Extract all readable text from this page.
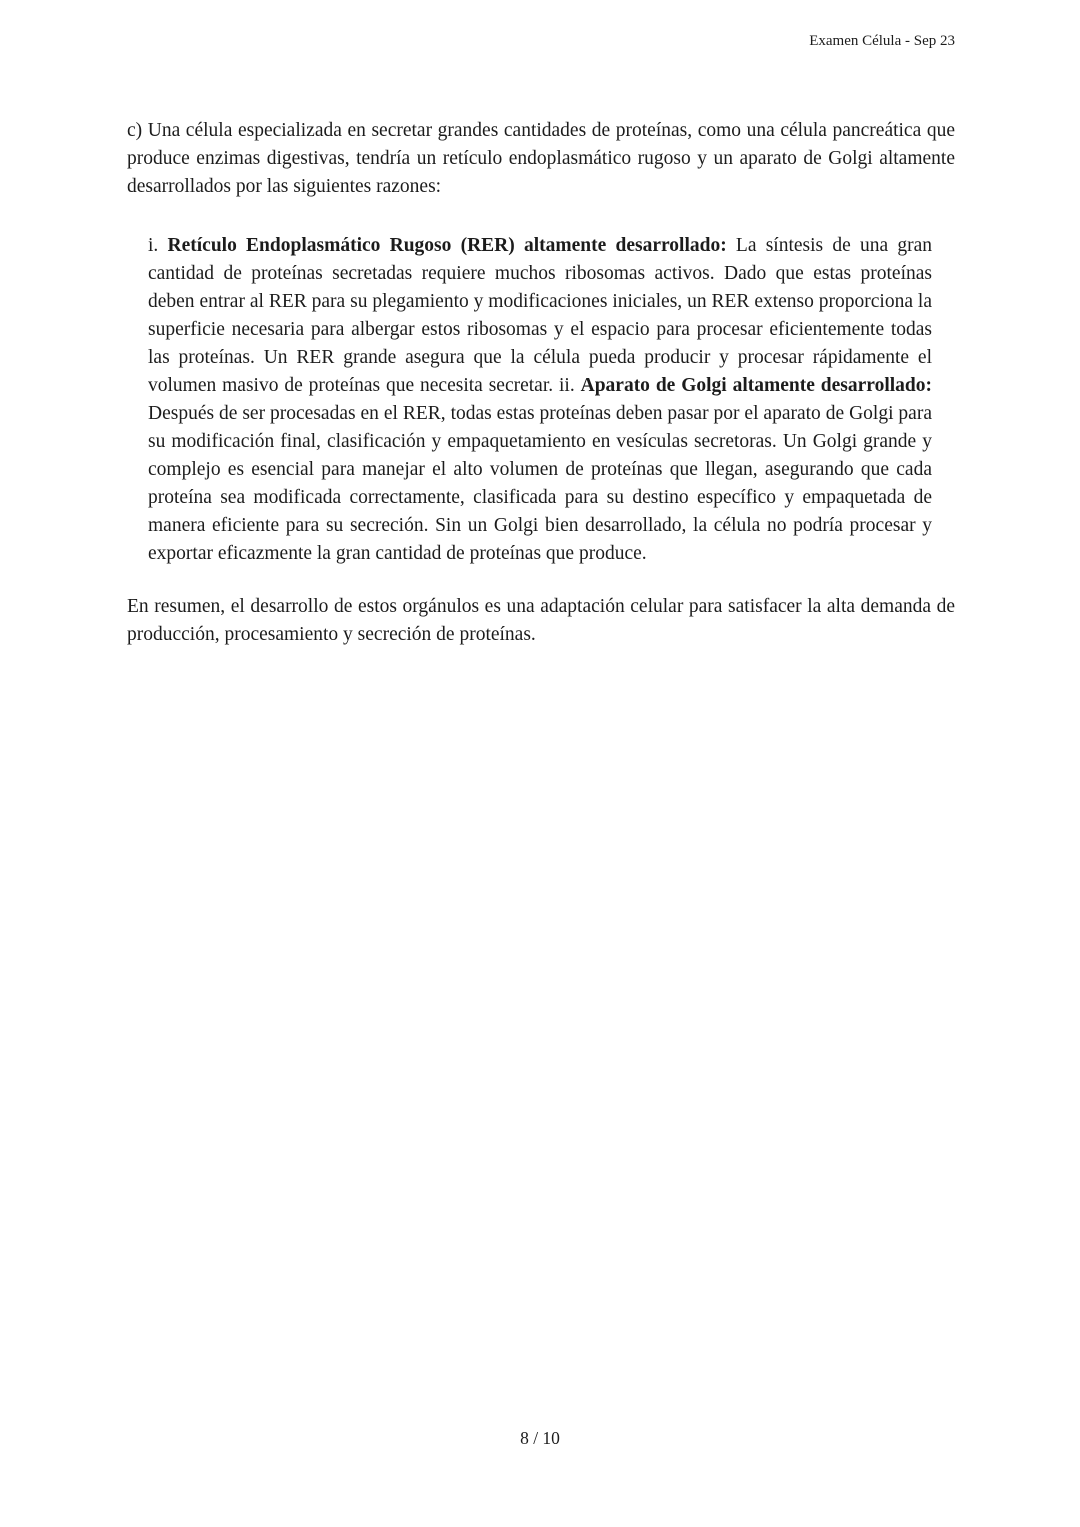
Examen Célula - Sep 23

c) Una célula especializada en secretar grandes cantidades de proteínas, como una célula pancreática que produce enzimas digestivas, tendría un retículo endoplasmático rugoso y un aparato de Golgi altamente desarrollados por las siguientes razones:

i. Retículo Endoplasmático Rugoso (RER) altamente desarrollado: La síntesis de una gran cantidad de proteínas secretadas requiere muchos ribosomas activos. Dado que estas proteínas deben entrar al RER para su plegamiento y modificaciones iniciales, un RER extenso proporciona la superficie necesaria para albergar estos ribosomas y el espacio para procesar eficientemente todas las proteínas. Un RER grande asegura que la célula pueda producir y procesar rápidamente el volumen masivo de proteínas que necesita secretar. ii. Aparato de Golgi altamente desarrollado: Después de ser procesadas en el RER, todas estas proteínas deben pasar por el aparato de Golgi para su modificación final, clasificación y empaquetamiento en vesículas secretoras. Un Golgi grande y complejo es esencial para manejar el alto volumen de proteínas que llegan, asegurando que cada proteína sea modificada correctamente, clasificada para su destino específico y empaquetada de manera eficiente para su secreción. Sin un Golgi bien desarrollado, la célula no podría procesar y exportar eficazmente la gran cantidad de proteínas que produce.

En resumen, el desarrollo de estos orgánulos es una adaptación celular para satisfacer la alta demanda de producción, procesamiento y secreción de proteínas.

8 / 10
